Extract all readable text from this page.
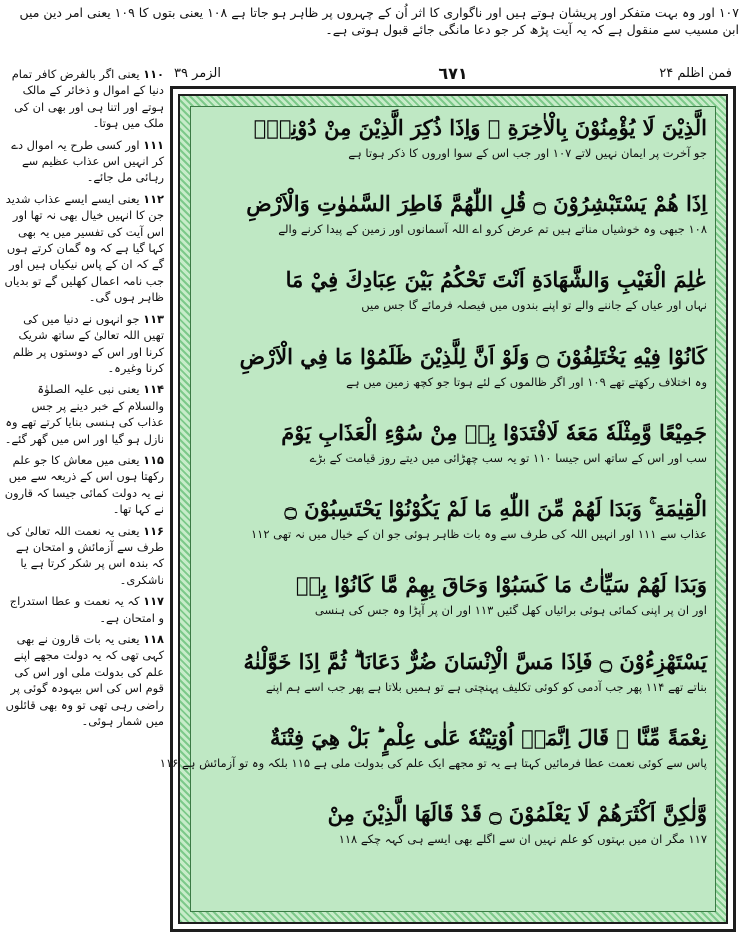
۱۰۷ اور وہ بہت متفکر اور پریشان ہوتے ہیں اور ناگواری کا اثر اُن کے چہروں پر ظاہر ہو جاتا ہے ۱۰۸ یعنی بتوں کا ۱۰۹ یعنی امر دین میں ابن مسیب سے منقول ہے کہ یہ آیت پڑھ کر جو دعا مانگی جائے قبول ہوتی ہے۔
فمن اظلم ۲۴
٦٧١
الزمر ۳۹

۱۱۰ یعنی اگر بالفرض کافر تمام دنیا کے اموال و ذخائر کے مالک ہوتے اور اتنا ہی اور بھی ان کی ملک میں ہوتا۔

۱۱۱ اور کسی طرح یہ اموال دے کر انہیں اس عذاب عظیم سے رہائی مل جائے۔

۱۱۲ یعنی ایسے ایسے عذاب شدید جن کا انہیں خیال بھی نہ تھا اور اس آیت کی تفسیر میں یہ بھی کہا گیا ہے کہ وہ گمان کرتے ہوں گے کہ ان کے پاس نیکیاں ہیں اور جب نامہ اعمال کھلیں گے تو بدیاں ظاہر ہوں گی۔

۱۱۳ جو انہوں نے دنیا میں کی تھیں اللہ تعالیٰ کے ساتھ شریک کرنا اور اس کے دوستوں پر ظلم کرنا وغیرہ۔

۱۱۴ یعنی نبی علیہ الصلوٰۃ والسلام کے خبر دینے پر جس عذاب کی ہنسی بنایا کرتے تھے وہ نازل ہو گیا اور اس میں گھر گئے۔

۱۱۵ یعنی میں معاش کا جو علم رکھتا ہوں اس کے ذریعہ سے میں نے یہ دولت کمائی جیسا کہ قارون نے کہا تھا۔

۱۱۶ یعنی یہ نعمت اللہ تعالیٰ کی طرف سے آزمائش و امتحان ہے کہ بندہ اس پر شکر کرتا ہے یا ناشکری۔

۱۱۷ کہ یہ نعمت و عطا استدراج و امتحان ہے۔

۱۱۸ یعنی یہ بات قارون نے بھی کہی تھی کہ یہ دولت مجھے اپنے علم کی بدولت ملی اور اس کی قوم اس کی اس بیہودہ گوئی پر راضی رہی تھی تو وہ بھی قائلوں میں شمار ہوئی۔

الَّذِيْنَ لَا يُؤْمِنُوْنَ بِالْاٰخِرَةِ ۚ وَاِذَا ذُكِرَ الَّذِيْنَ مِنْ دُوْنِهٖۤ
جو آخرت پر ایمان نہیں لاتے ۱۰۷ اور جب اس کے سوا اوروں کا ذکر ہوتا ہے
اِذَا هُمْ يَسْتَبْشِرُوْنَ ۝ قُلِ اللّٰهُمَّ فَاطِرَ السَّمٰوٰتِ وَالْاَرْضِ
۱۰۸ جبھی وہ خوشیاں مناتے ہیں تم عرض کرو اے اللہ آسمانوں اور زمین کے پیدا کرنے والے
عٰلِمَ الْغَيْبِ وَالشَّهَادَةِ اَنْتَ تَحْكُمُ بَيْنَ عِبَادِكَ فِيْ مَا
نہاں اور عیاں کے جاننے والے تو اپنے بندوں میں فیصلہ فرمائے گا جس میں
كَانُوْا فِيْهِ يَخْتَلِفُوْنَ ۝ وَلَوْ اَنَّ لِلَّذِيْنَ ظَلَمُوْا مَا فِي الْاَرْضِ
وہ اختلاف رکھتے تھے ۱۰۹ اور اگر ظالموں کے لئے ہوتا جو کچھ زمین میں ہے
جَمِيْعًا وَّمِثْلَهٗ مَعَهٗ لَافْتَدَوْا بِهٖ مِنْ سُوْٓءِ الْعَذَابِ يَوْمَ
سب اور اس کے ساتھ اس جیسا ۱۱۰ تو یہ سب چھڑائی میں دیتے روز قیامت کے بڑے
الْقِيٰمَةِ ۚ وَبَدَا لَهُمْ مِّنَ اللّٰهِ مَا لَمْ يَكُوْنُوْا يَحْتَسِبُوْنَ ۝
عذاب سے ۱۱۱ اور انہیں اللہ کی طرف سے وہ بات ظاہر ہوئی جو ان کے خیال میں نہ تھی ۱۱۲
وَبَدَا لَهُمْ سَيِّاٰتُ مَا كَسَبُوْا وَحَاقَ بِهِمْ مَّا كَانُوْا بِهٖ
اور ان پر اپنی کمائی ہوئی برائیاں کھل گئیں ۱۱۳ اور ان پر آپڑا وہ جس کی ہنسی
يَسْتَهْزِءُوْنَ ۝ فَاِذَا مَسَّ الْاِنْسَانَ ضُرٌّ دَعَانَا ۗ ثُمَّ اِذَا خَوَّلْنٰهُ
بناتے تھے ۱۱۴ پھر جب آدمی کو کوئی تکلیف پہنچتی ہے تو ہمیں بلاتا ہے پھر جب اسے ہم اپنے
نِعْمَةً مِّنَّا ۙ قَالَ اِنَّمَاۤ اُوْتِيْتُهٗ عَلٰى عِلْمٍ ؕ بَلْ هِيَ فِتْنَةٌ
پاس سے کوئی نعمت عطا فرمائیں کہتا ہے یہ تو مجھے ایک علم کی بدولت ملی ہے ۱۱۵ بلکہ وہ تو آزمائش ہے ۱۱۶
وَّلٰكِنَّ اَكْثَرَهُمْ لَا يَعْلَمُوْنَ ۝ قَدْ قَالَهَا الَّذِيْنَ مِنْ
۱۱۷ مگر ان میں بہتوں کو علم نہیں ان سے اگلے بھی ایسے ہی کہہ چکے ۱۱۸
